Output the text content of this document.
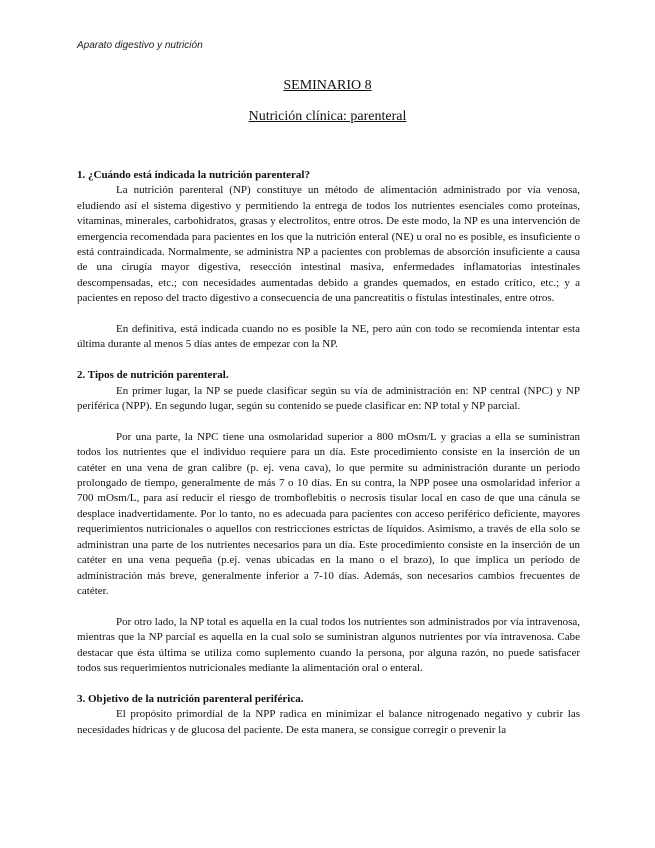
Aparato digestivo y nutrición
SEMINARIO 8
Nutrición clínica: parenteral
1. ¿Cuándo está indicada la nutrición parenteral?

La nutrición parenteral (NP) constituye un método de alimentación administrado por vía venosa, eludiendo así el sistema digestivo y permitiendo la entrega de todos los nutrientes esenciales como proteínas, vitaminas, minerales, carbohidratos, grasas y electrolitos, entre otros. De este modo, la NP es una intervención de emergencia recomendada para pacientes en los que la nutrición enteral (NE) u oral no es posible, es insuficiente o está contraindicada. Normalmente, se administra NP a pacientes con problemas de absorción insuficiente a causa de una cirugía mayor digestiva, resección intestinal masiva, enfermedades inflamatorias intestinales descompensadas, etc.; con necesidades aumentadas debido a grandes quemados, en estado crítico, etc.; y a pacientes en reposo del tracto digestivo a consecuencia de una pancreatitis o fístulas intestinales, entre otros.

En definitiva, está indicada cuando no es posible la NE, pero aún con todo se recomienda intentar esta última durante al menos 5 días antes de empezar con la NP.

2. Tipos de nutrición parenteral.

En primer lugar, la NP se puede clasificar según su vía de administración en: NP central (NPC) y NP periférica (NPP). En segundo lugar, según su contenido se puede clasificar en: NP total y NP parcial.

Por una parte, la NPC tiene una osmolaridad superior a 800 mOsm/L y gracias a ella se suministran todos los nutrientes que el individuo requiere para un día. Este procedimiento consiste en la inserción de un catéter en una vena de gran calibre (p. ej. vena cava), lo que permite su administración durante un periodo prolongado de tiempo, generalmente de más 7 o 10 días. En su contra, la NPP posee una osmolaridad inferior a 700 mOsm/L, para así reducir el riesgo de tromboflebitis o necrosis tisular local en caso de que una cánula se desplace inadvertidamente. Por lo tanto, no es adecuada para pacientes con acceso periférico deficiente, mayores requerimientos nutricionales o aquellos con restricciones estrictas de líquidos. Asimismo, a través de ella solo se administran una parte de los nutrientes necesarios para un día. Este procedimiento consiste en la inserción de un catéter en una vena pequeña (p.ej. venas ubicadas en la mano o el brazo), lo que implica un periodo de administración más breve, generalmente inferior a 7-10 días. Además, son necesarios cambios frecuentes de catéter.

Por otro lado, la NP total es aquella en la cual todos los nutrientes son administrados por vía intravenosa, mientras que la NP parcial es aquella en la cual solo se suministran algunos nutrientes por vía intravenosa. Cabe destacar que ésta última se utiliza como suplemento cuando la persona, por alguna razón, no puede satisfacer todos sus requerimientos nutricionales mediante la alimentación oral o enteral.

3. Objetivo de la nutrición parenteral periférica.

El propósito primordial de la NPP radica en minimizar el balance nitrogenado negativo y cubrir las necesidades hídricas y de glucosa del paciente. De esta manera, se consigue corregir o prevenir la
